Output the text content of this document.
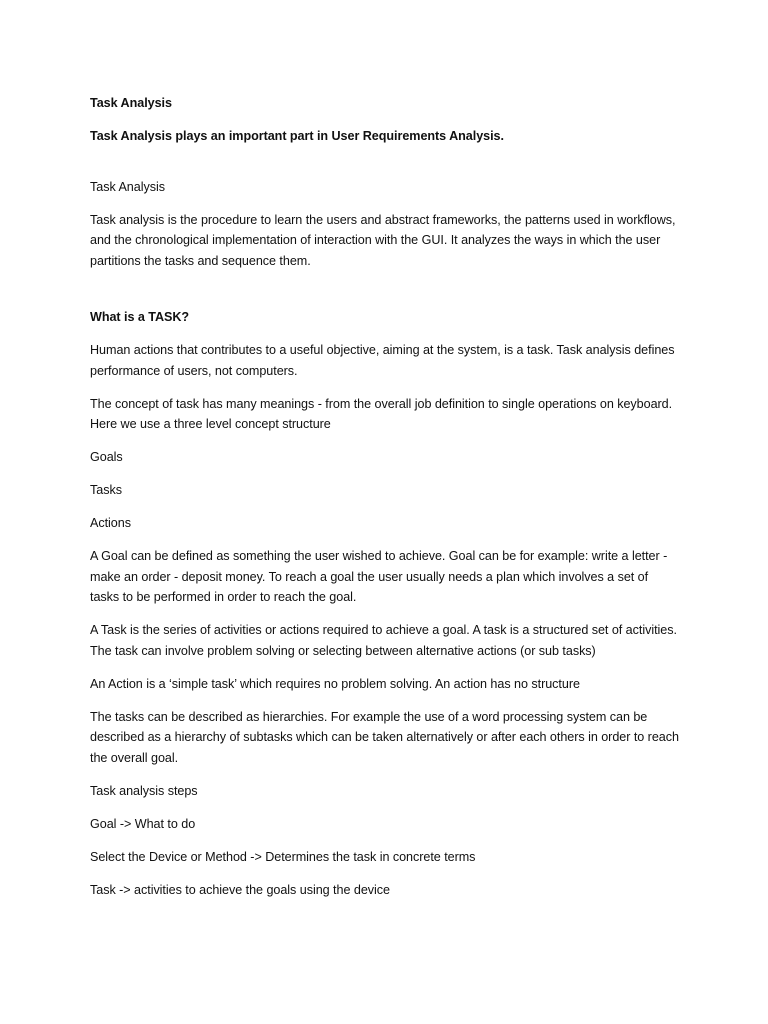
Task Analysis

Task Analysis plays an important part in User Requirements Analysis.

Task Analysis

Task analysis is the procedure to learn the users and abstract frameworks, the patterns used in workflows, and the chronological implementation of interaction with the GUI. It analyzes the ways in which the user partitions the tasks and sequence them.

What is a TASK?

Human actions that contributes to a useful objective, aiming at the system, is a task. Task analysis defines performance of users, not computers.

The concept of task has many meanings - from the overall job definition to single operations on keyboard. Here we use a three level concept structure

Goals

Tasks

Actions

A Goal can be defined as something the user wished to achieve. Goal can be for example: write a letter - make an order - deposit money. To reach a goal the user usually needs a plan which involves a set of tasks to be performed in order to reach the goal.

A Task is the series of activities or actions required to achieve a goal. A task is a structured set of activities. The task can involve problem solving or selecting between alternative actions (or sub tasks)

An Action is a ‘simple task’ which requires no problem solving. An action has no structure

The tasks can be described as hierarchies. For example the use of a word processing system can be described as a hierarchy of subtasks which can be taken alternatively or after each others in order to reach the overall goal.

Task analysis steps

Goal -> What to do

Select the Device or Method -> Determines the task in concrete terms

Task -> activities to achieve the goals using the device
